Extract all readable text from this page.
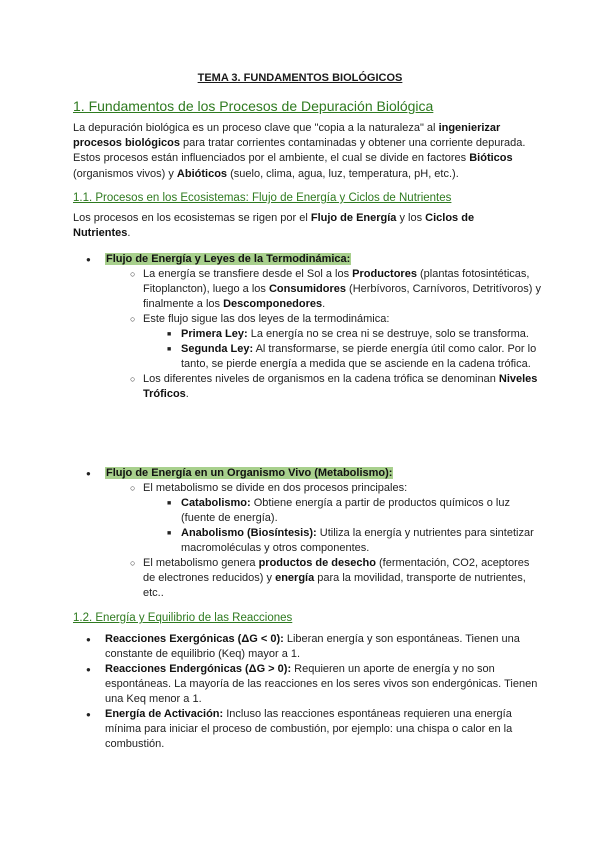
TEMA 3. FUNDAMENTOS BIOLÓGICOS
1. Fundamentos de los Procesos de Depuración Biológica
La depuración biológica es un proceso clave que "copia a la naturaleza" al ingenierizar procesos biológicos para tratar corrientes contaminadas y obtener una corriente depurada. Estos procesos están influenciados por el ambiente, el cual se divide en factores Bióticos (organismos vivos) y Abióticos (suelo, clima, agua, luz, temperatura, pH, etc.).
1.1. Procesos en los Ecosistemas: Flujo de Energía y Ciclos de Nutrientes
Los procesos en los ecosistemas se rigen por el Flujo de Energía y los Ciclos de Nutrientes.
● Flujo de Energía y Leyes de la Termodinámica:
○ La energía se transfiere desde el Sol a los Productores (plantas fotosintéticas, Fitoplancton), luego a los Consumidores (Herbívoros, Carnívoros, Detritívoros) y finalmente a los Descomponedores.
○ Este flujo sigue las dos leyes de la termodinámica:
■ Primera Ley: La energía no se crea ni se destruye, solo se transforma.
■ Segunda Ley: Al transformarse, se pierde energía útil como calor. Por lo tanto, se pierde energía a medida que se asciende en la cadena trófica.
○ Los diferentes niveles de organismos en la cadena trófica se denominan Niveles Tróficos.
● Flujo de Energía en un Organismo Vivo (Metabolismo):
○ El metabolismo se divide en dos procesos principales:
■ Catabolismo: Obtiene energía a partir de productos químicos o luz (fuente de energía).
■ Anabolismo (Biosíntesis): Utiliza la energía y nutrientes para sintetizar macromoléculas y otros componentes.
○ El metabolismo genera productos de desecho (fermentación, CO2, aceptores de electrones reducidos) y energía para la movilidad, transporte de nutrientes, etc..
1.2. Energía y Equilibrio de las Reacciones
● Reacciones Exergónicas (ΔG < 0): Liberan energía y son espontáneas. Tienen una constante de equilibrio (Keq) mayor a 1.
● Reacciones Endergónicas (ΔG > 0): Requieren un aporte de energía y no son espontáneas. La mayoría de las reacciones en los seres vivos son endergónicas. Tienen una Keq menor a 1.
● Energía de Activación: Incluso las reacciones espontáneas requieren una energía mínima para iniciar el proceso de combustión, por ejemplo: una chispa o calor en la combustión.
